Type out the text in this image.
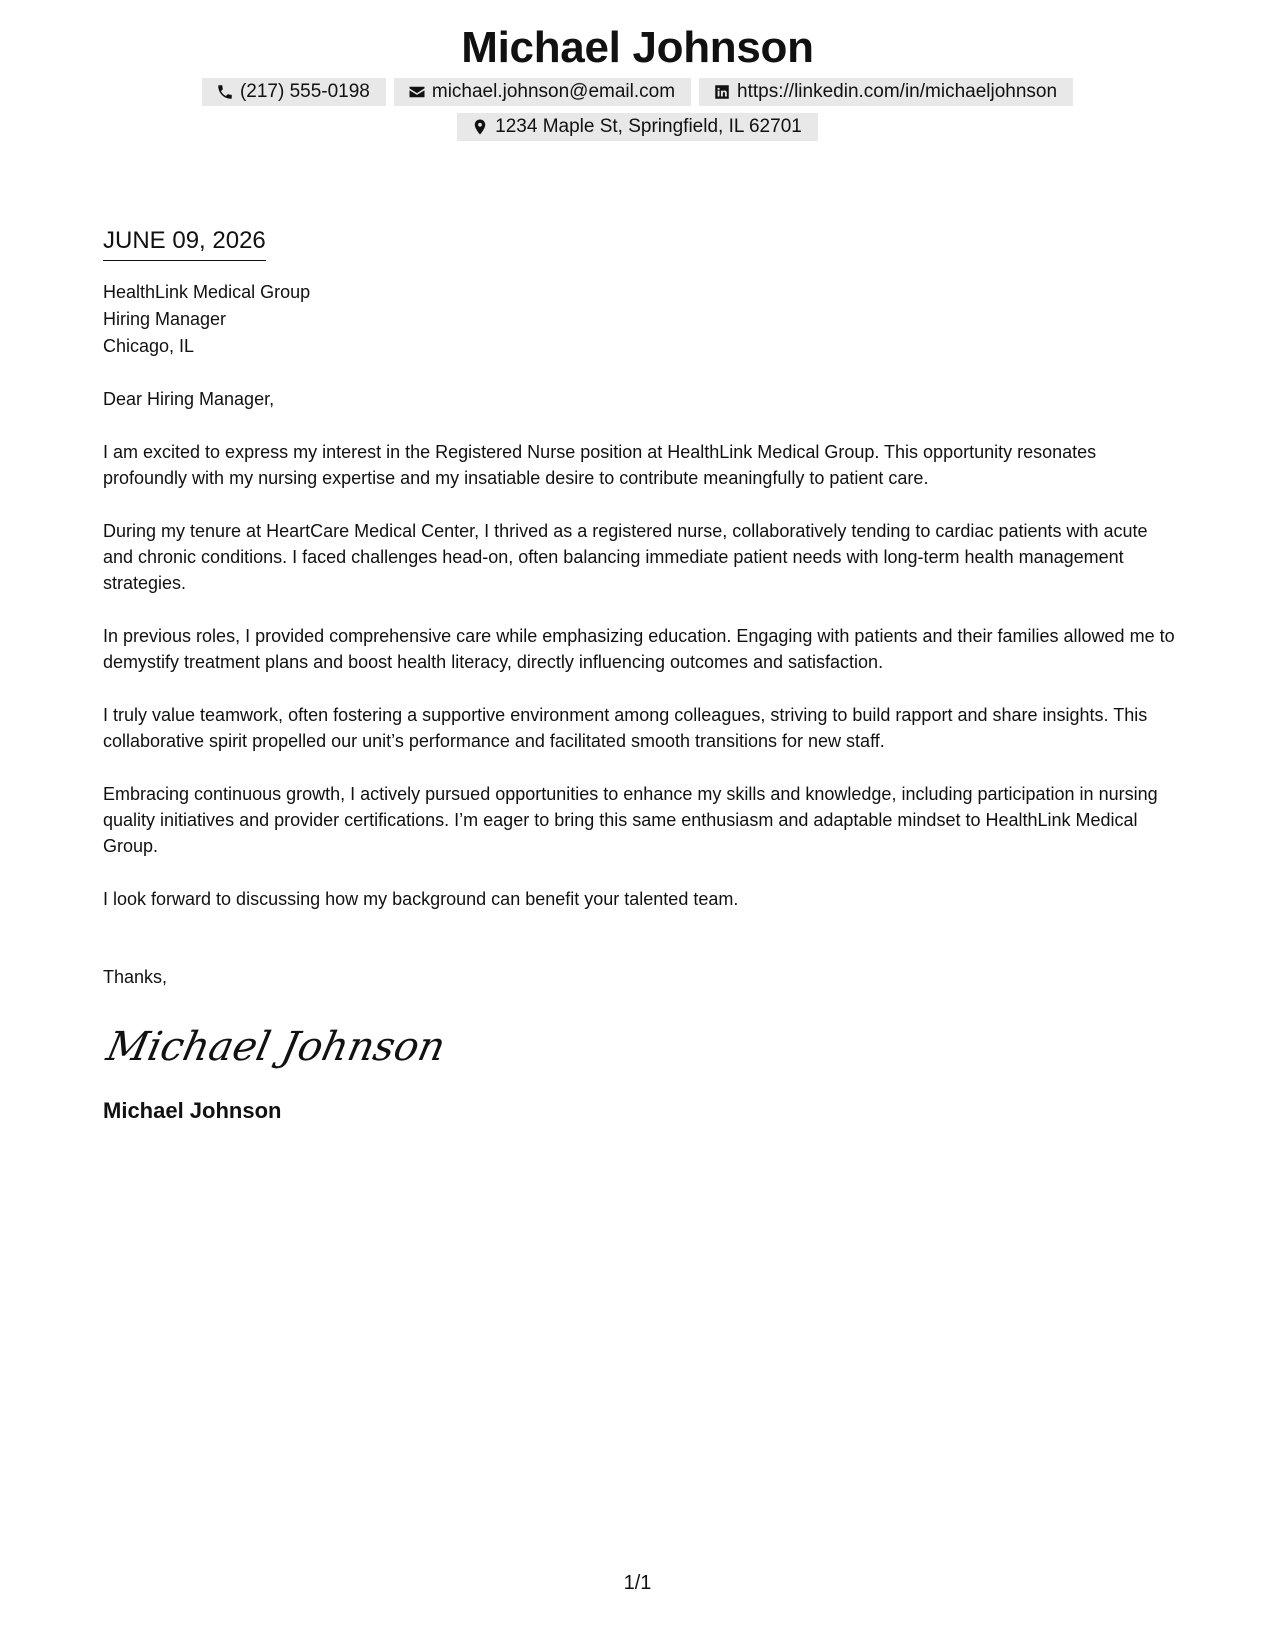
Michael Johnson
(217) 555-0198	michael.johnson@email.com	https://linkedin.com/in/michaeljohnson
1234 Maple St, Springfield, IL 62701
JUNE 09, 2026
HealthLink Medical Group
Hiring Manager
Chicago, IL
Dear Hiring Manager,

I am excited to express my interest in the Registered Nurse position at HealthLink Medical Group. This opportunity resonates profoundly with my nursing expertise and my insatiable desire to contribute meaningfully to patient care.

During my tenure at HeartCare Medical Center, I thrived as a registered nurse, collaboratively tending to cardiac patients with acute and chronic conditions. I faced challenges head-on, often balancing immediate patient needs with long-term health management strategies.

In previous roles, I provided comprehensive care while emphasizing education. Engaging with patients and their families allowed me to demystify treatment plans and boost health literacy, directly influencing outcomes and satisfaction.

I truly value teamwork, often fostering a supportive environment among colleagues, striving to build rapport and share insights. This collaborative spirit propelled our unit’s performance and facilitated smooth transitions for new staff.

Embracing continuous growth, I actively pursued opportunities to enhance my skills and knowledge, including participation in nursing quality initiatives and provider certifications. I’m eager to bring this same enthusiasm and adaptable mindset to HealthLink Medical Group.

I look forward to discussing how my background can benefit your talented team.

Thanks,
Michael Johnson
Michael Johnson
1/1
